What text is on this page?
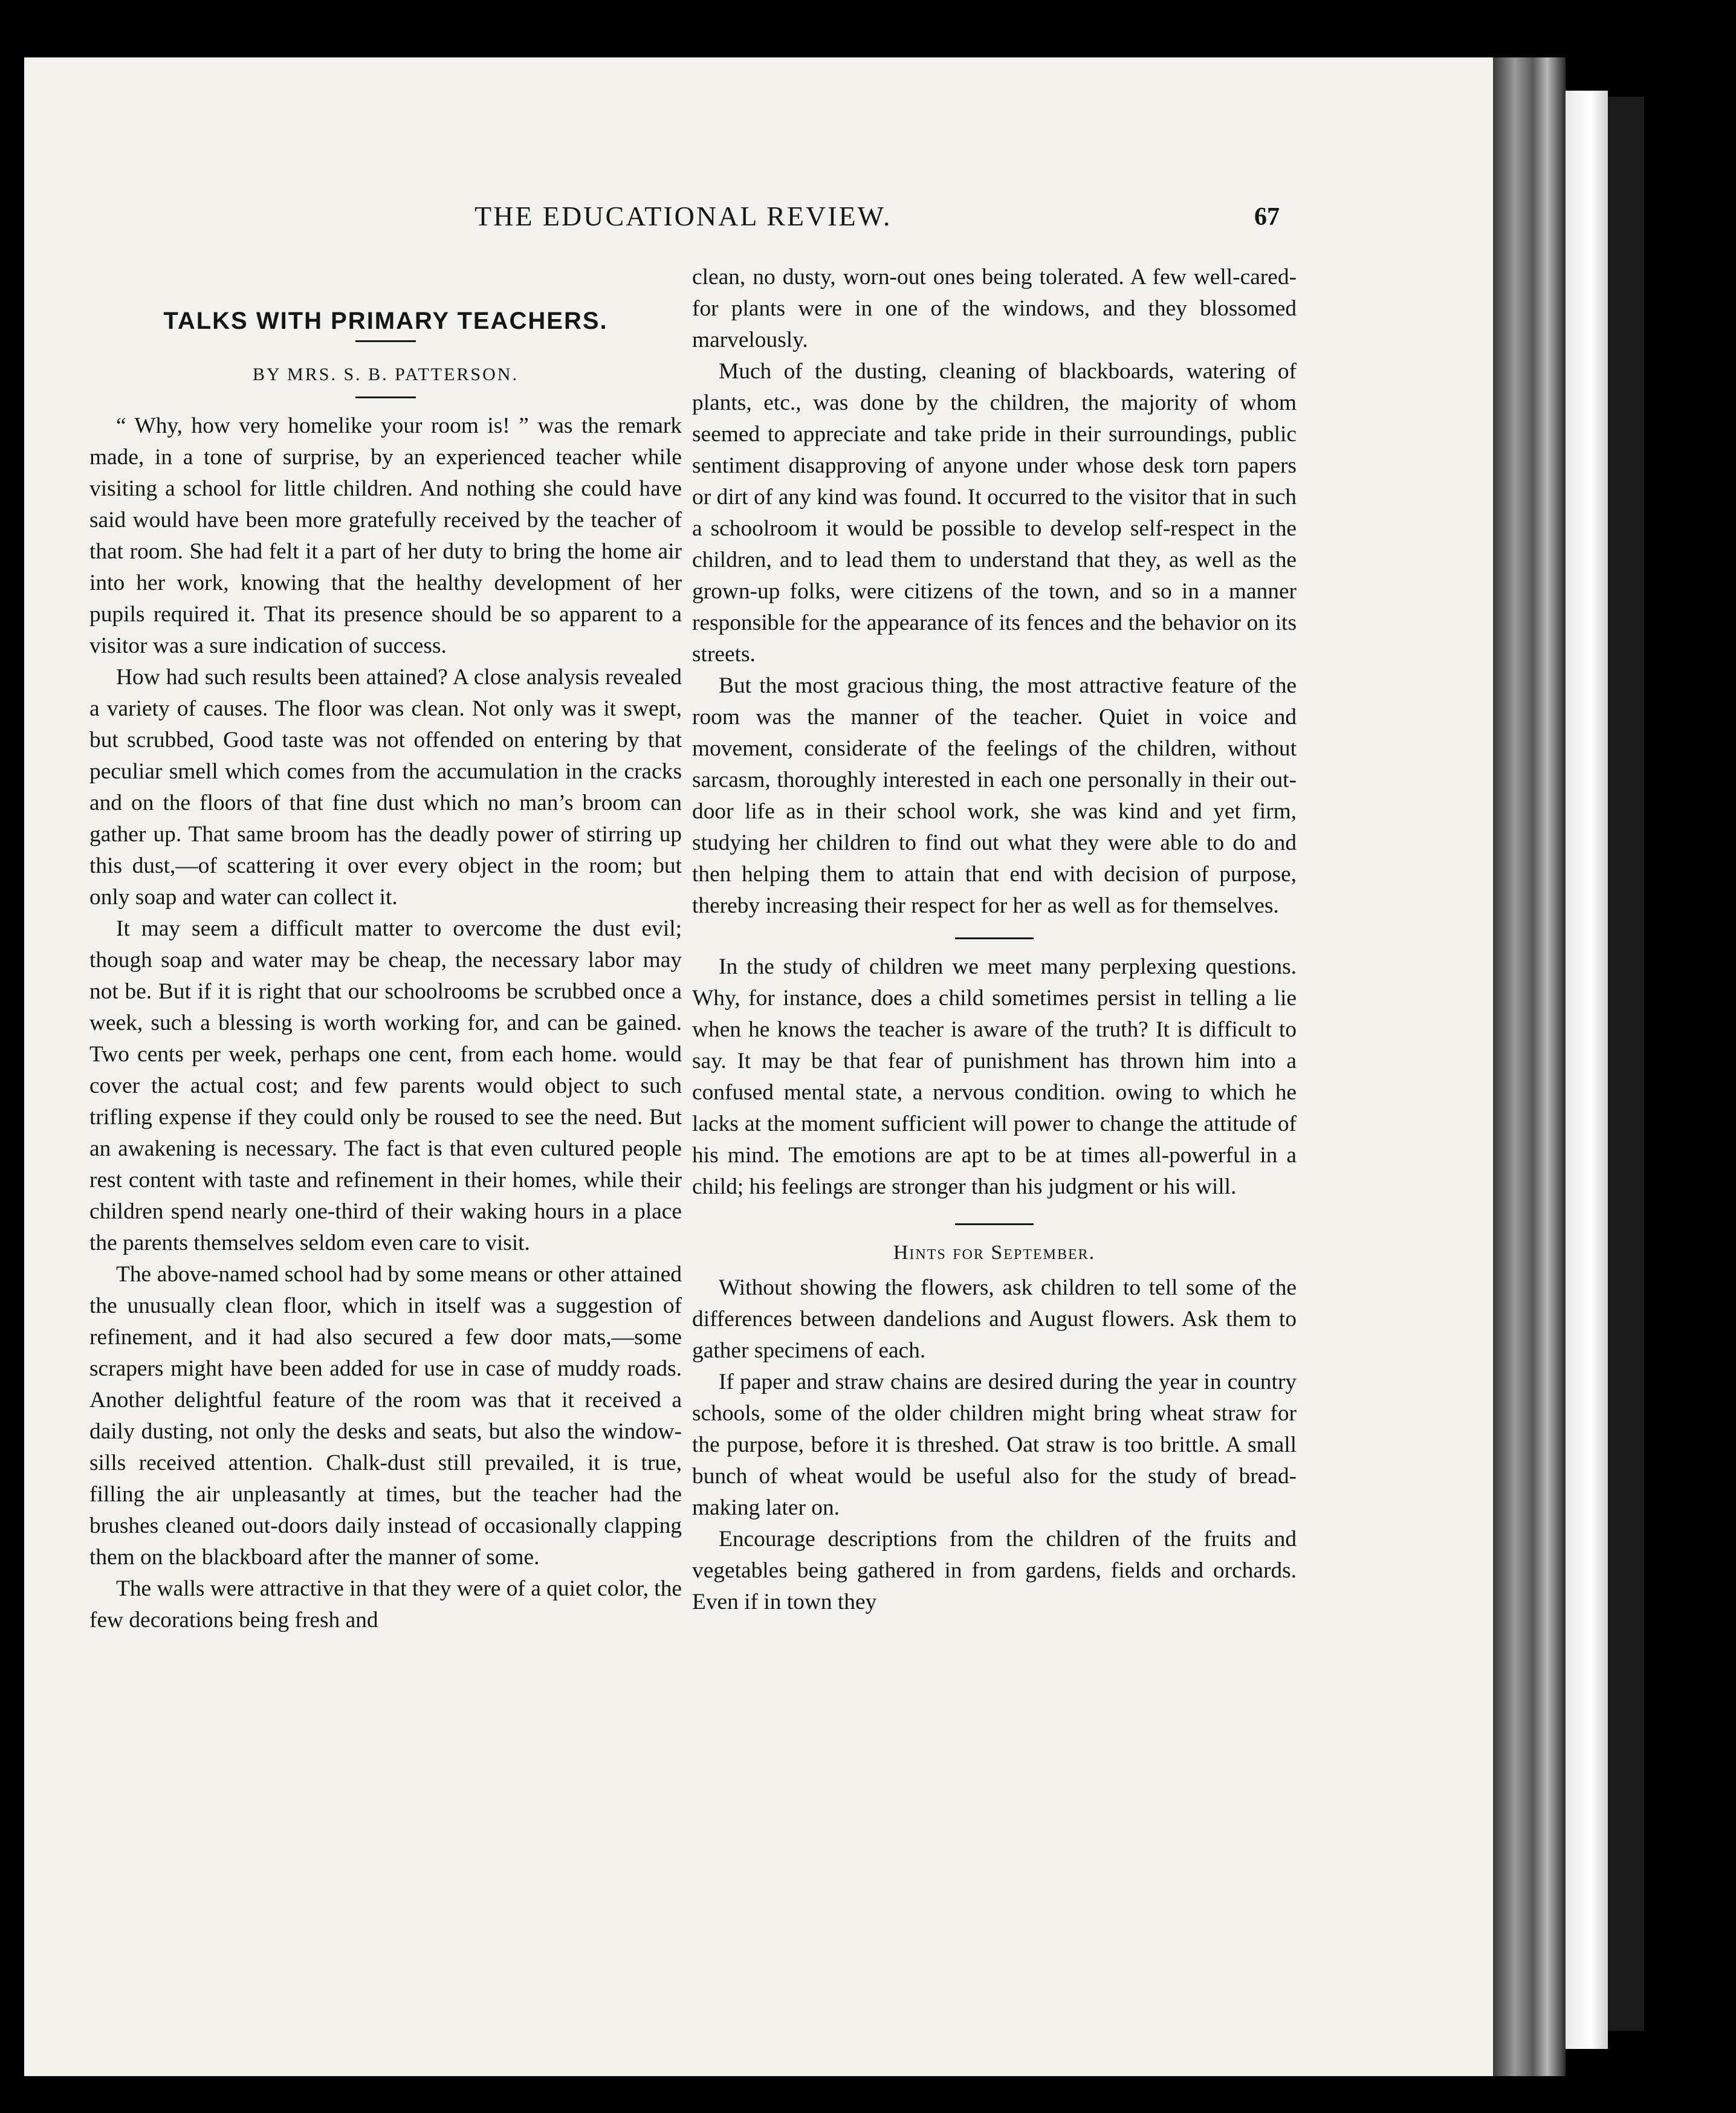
THE EDUCATIONAL REVIEW.	67

TALKS WITH PRIMARY TEACHERS.

BY MRS. S. B. PATTERSON.

“ Why, how very homelike your room is! ” was the remark made, in a tone of surprise, by an experienced teacher while visiting a school for little children. And nothing she could have said would have been more gratefully received by the teacher of that room. She had felt it a part of her duty to bring the home air into her work, knowing that the healthy development of her pupils required it. That its presence should be so apparent to a visitor was a sure indication of success.

How had such results been attained? A close analysis revealed a variety of causes. The floor was clean. Not only was it swept, but scrubbed, Good taste was not offended on entering by that peculiar smell which comes from the accumulation in the cracks and on the floors of that fine dust which no man’s broom can gather up. That same broom has the deadly power of stirring up this dust,—of scattering it over every object in the room; but only soap and water can collect it.

It may seem a difficult matter to overcome the dust evil; though soap and water may be cheap, the necessary labor may not be. But if it is right that our schoolrooms be scrubbed once a week, such a blessing is worth working for, and can be gained. Two cents per week, perhaps one cent, from each home. would cover the actual cost; and few parents would object to such trifling expense if they could only be roused to see the need. But an awakening is necessary. The fact is that even cultured people rest content with taste and refinement in their homes, while their children spend nearly one-third of their waking hours in a place the parents themselves seldom even care to visit.

The above-named school had by some means or other attained the unusually clean floor, which in itself was a suggestion of refinement, and it had also secured a few door mats,—some scrapers might have been added for use in case of muddy roads. Another delightful feature of the room was that it received a daily dusting, not only the desks and seats, but also the window-sills received attention. Chalk-dust still prevailed, it is true, filling the air unpleasantly at times, but the teacher had the brushes cleaned out-doors daily instead of occasionally clapping them on the blackboard after the manner of some.

The walls were attractive in that they were of a quiet color, the few decorations being fresh and

clean, no dusty, worn-out ones being tolerated. A few well-cared-for plants were in one of the windows, and they blossomed marvelously.

Much of the dusting, cleaning of blackboards, watering of plants, etc., was done by the children, the majority of whom seemed to appreciate and take pride in their surroundings, public sentiment disapproving of anyone under whose desk torn papers or dirt of any kind was found. It occurred to the visitor that in such a schoolroom it would be possible to develop self-respect in the children, and to lead them to understand that they, as well as the grown-up folks, were citizens of the town, and so in a manner responsible for the appearance of its fences and the behavior on its streets.

But the most gracious thing, the most attractive feature of the room was the manner of the teacher. Quiet in voice and movement, considerate of the feelings of the children, without sarcasm, thoroughly interested in each one personally in their out-door life as in their school work, she was kind and yet firm, studying her children to find out what they were able to do and then helping them to attain that end with decision of purpose, thereby increasing their respect for her as well as for themselves.

In the study of children we meet many perplexing questions. Why, for instance, does a child sometimes persist in telling a lie when he knows the teacher is aware of the truth? It is difficult to say. It may be that fear of punishment has thrown him into a confused mental state, a nervous condition. owing to which he lacks at the moment sufficient will power to change the attitude of his mind. The emotions are apt to be at times all-powerful in a child; his feelings are stronger than his judgment or his will.

Hints for September.

Without showing the flowers, ask children to tell some of the differences between dandelions and August flowers. Ask them to gather specimens of each.

If paper and straw chains are desired during the year in country schools, some of the older children might bring wheat straw for the purpose, before it is threshed. Oat straw is too brittle. A small bunch of wheat would be useful also for the study of bread-making later on.

Encourage descriptions from the children of the fruits and vegetables being gathered in from gardens, fields and orchards. Even if in town they
